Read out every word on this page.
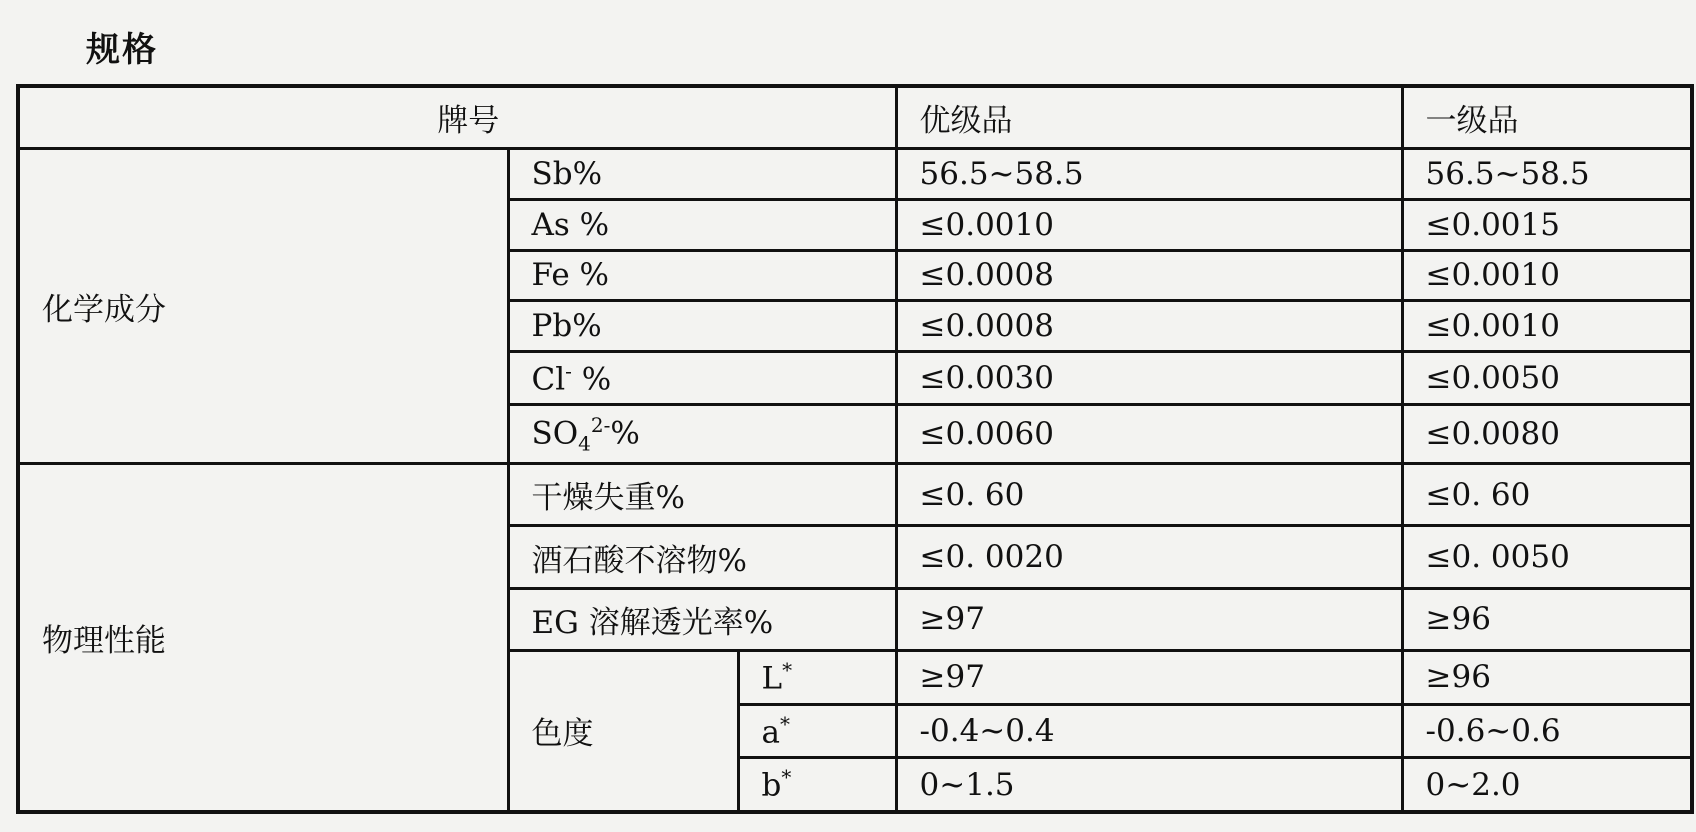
规格
牌号			优级品	一级品
化学成分	Sb%		56.5~58.5	56.5~58.5
	As %		≤0.0010	≤0.0015
	Fe %		≤0.0008	≤0.0010
	Pb%		≤0.0008	≤0.0010
	Cl- %		≤0.0030	≤0.0050
	$SO_4^{2-}\%$		≤0.0060	≤0.0080
物理性能	干燥失重%		≤0. 60	≤0. 60
	酒石酸不溶物%		≤0. 0020	≤0. 0050
	EG 溶解透光率%		≥97	≥96
	色度	L*	≥97	≥96
		a*	-0.4~0.4	-0.6~0.6
		b*	0~1.5	0~2.0
